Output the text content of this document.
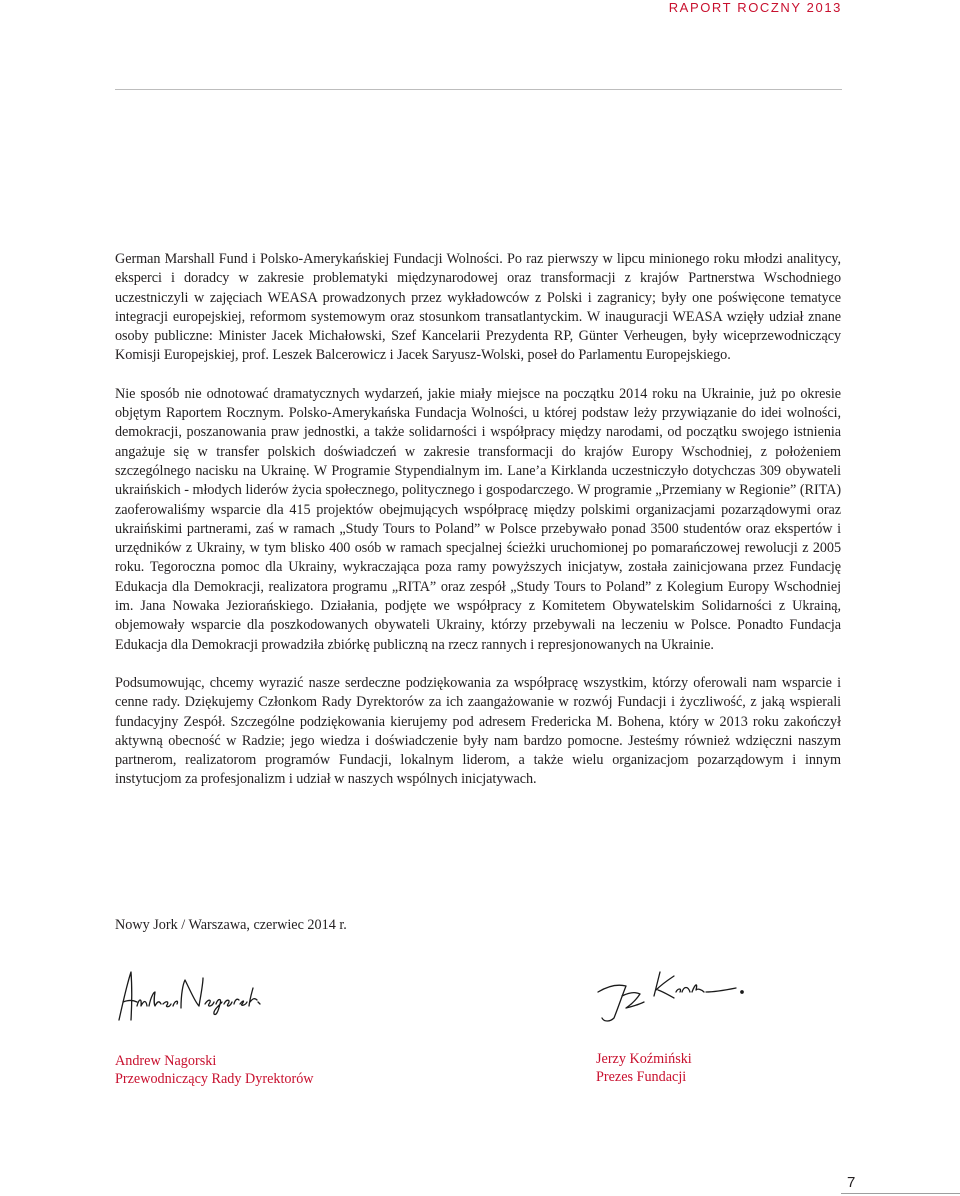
RAPORT ROCZNY 2013

German Marshall Fund i Polsko-Amerykańskiej Fundacji Wolności. Po raz pierwszy w lipcu minionego roku młodzi analitycy, eksperci i doradcy w zakresie problematyki międzynarodowej oraz transformacji z krajów Partnerstwa Wschodniego uczestniczyli w zajęciach WEASA prowadzonych przez wykładowców z Polski i zagranicy; były one poświęcone tematyce integracji europejskiej, reformom systemowym oraz stosunkom transatlantyckim. W inauguracji WEASA wzięły udział znane osoby publiczne: Minister Jacek Michałowski, Szef Kancelarii Prezydenta RP, Günter Verheugen, były wiceprzewodniczący Komisji Europejskiej, prof. Leszek Balcerowicz i Jacek Saryusz-Wolski, poseł do Parlamentu Europejskiego.

Nie sposób nie odnotować dramatycznych wydarzeń, jakie miały miejsce na początku 2014 roku na Ukrainie, już po okresie objętym Raportem Rocznym. Polsko-Amerykańska Fundacja Wolności, u której podstaw leży przywiązanie do idei wolności, demokracji, poszanowania praw jednostki, a także solidarności i współpracy między narodami, od początku swojego istnienia angażuje się w transfer polskich doświadczeń w zakresie transformacji do krajów Europy Wschodniej, z położeniem szczególnego nacisku na Ukrainę. W Programie Stypendialnym im. Lane’a Kirklanda uczestniczyło dotychczas 309 obywateli ukraińskich - młodych liderów życia społecznego, politycznego i gospodarczego. W programie „Przemiany w Regionie” (RITA) zaoferowaliśmy wsparcie dla 415 projektów obejmujących współpracę między polskimi organizacjami pozarządowymi oraz ukraińskimi partnerami, zaś w ramach „Study Tours to Poland” w Polsce przebywało ponad 3500 studentów oraz ekspertów i urzędników z Ukrainy, w tym blisko 400 osób w ramach specjalnej ścieżki uruchomionej po pomarańczowej rewolucji z 2005 roku. Tegoroczna pomoc dla Ukrainy, wykraczająca poza ramy powyższych inicjatyw, została zainicjowana przez Fundację Edukacja dla Demokracji, realizatora programu „RITA” oraz zespół „Study Tours to Poland” z Kolegium Europy Wschodniej im. Jana Nowaka Jeziorańskiego. Działania, podjęte we współpracy z Komitetem Obywatelskim Solidarności z Ukrainą, objemowały wsparcie dla poszkodowanych obywateli Ukrainy, którzy przebywali na leczeniu w Polsce. Ponadto Fundacja Edukacja dla Demokracji prowadziła zbiórkę publiczną na rzecz rannych i represjonowanych na Ukrainie.

Podsumowując, chcemy wyrazić nasze serdeczne podziękowania za współpracę wszystkim, którzy oferowali nam wsparcie i cenne rady. Dziękujemy Członkom Rady Dyrektorów za ich zaangażowanie w rozwój Fundacji i życzliwość, z jaką wspierali fundacyjny Zespół. Szczególne podziękowania kierujemy pod adresem Fredericka M. Bohena, który w 2013 roku zakończył aktywną obecność w Radzie; jego wiedza i doświadczenie były nam bardzo pomocne. Jesteśmy również wdzięczni naszym partnerom, realizatorom programów Fundacji, lokalnym liderom, a także wielu organizacjom pozarządowym i innym instytucjom za profesjonalizm i udział w naszych wspólnych inicjatywach.

Nowy Jork / Warszawa, czerwiec 2014 r.
Andrew Nagorski
Przewodniczący Rady Dyrektorów
Jerzy Koźmiński
Prezes Fundacji
7
